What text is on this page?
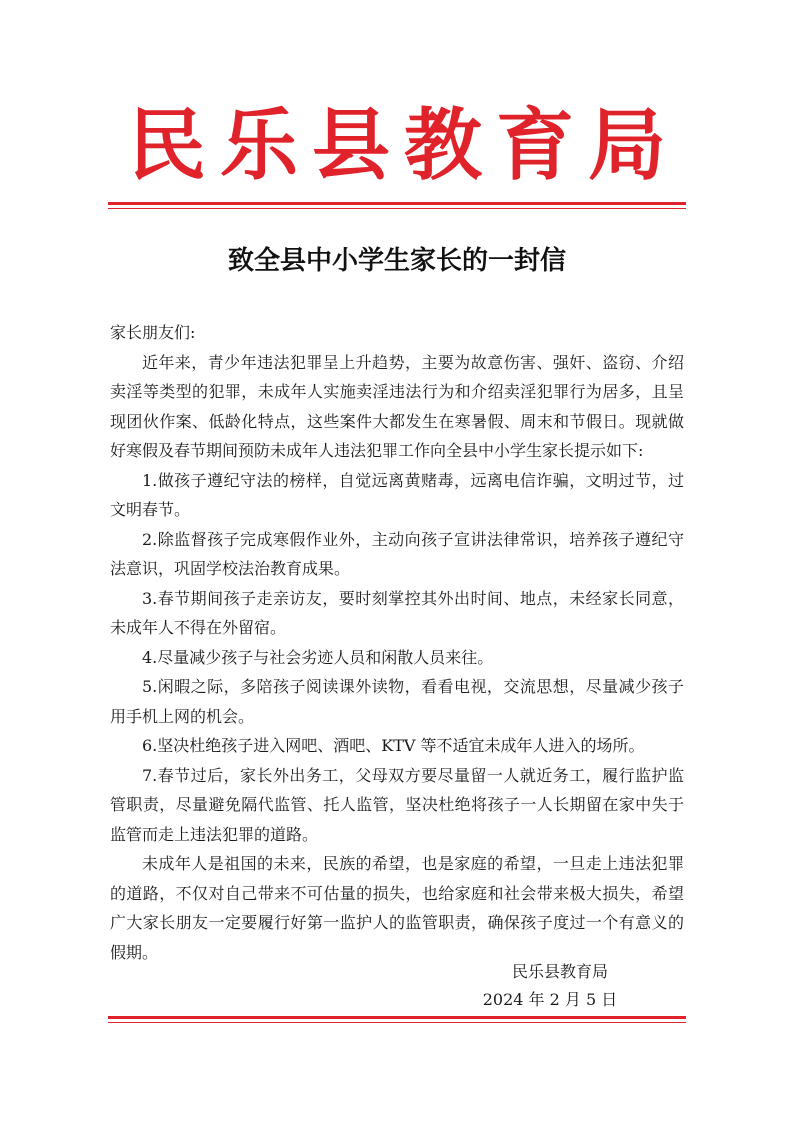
民乐县教育局
致全县中小学生家长的一封信

家长朋友们:

近年来，青少年违法犯罪呈上升趋势，主要为故意伤害、强奸、盗窃、介绍卖淫等类型的犯罪，未成年人实施卖淫违法行为和介绍卖淫犯罪行为居多，且呈现团伙作案、低龄化特点，这些案件大都发生在寒暑假、周末和节假日。现就做好寒假及春节期间预防未成年人违法犯罪工作向全县中小学生家长提示如下:

1.做孩子遵纪守法的榜样，自觉远离黄赌毒，远离电信诈骗，文明过节，过文明春节。

2.除监督孩子完成寒假作业外，主动向孩子宣讲法律常识，培养孩子遵纪守法意识，巩固学校法治教育成果。

3.春节期间孩子走亲访友，要时刻掌控其外出时间、地点，未经家长同意，未成年人不得在外留宿。

4.尽量减少孩子与社会劣迹人员和闲散人员来往。

5.闲暇之际，多陪孩子阅读课外读物，看看电视，交流思想，尽量减少孩子用手机上网的机会。

6.坚决杜绝孩子进入网吧、酒吧、KTV 等不适宜未成年人进入的场所。

7.春节过后，家长外出务工，父母双方要尽量留一人就近务工，履行监护监管职责，尽量避免隔代监管、托人监管，坚决杜绝将孩子一人长期留在家中失于监管而走上违法犯罪的道路。

未成年人是祖国的未来，民族的希望，也是家庭的希望，一旦走上违法犯罪的道路，不仅对自己带来不可估量的损失，也给家庭和社会带来极大损失，希望广大家长朋友一定要履行好第一监护人的监管职责，确保孩子度过一个有意义的假期。

民乐县教育局
2024 年 2 月 5 日
